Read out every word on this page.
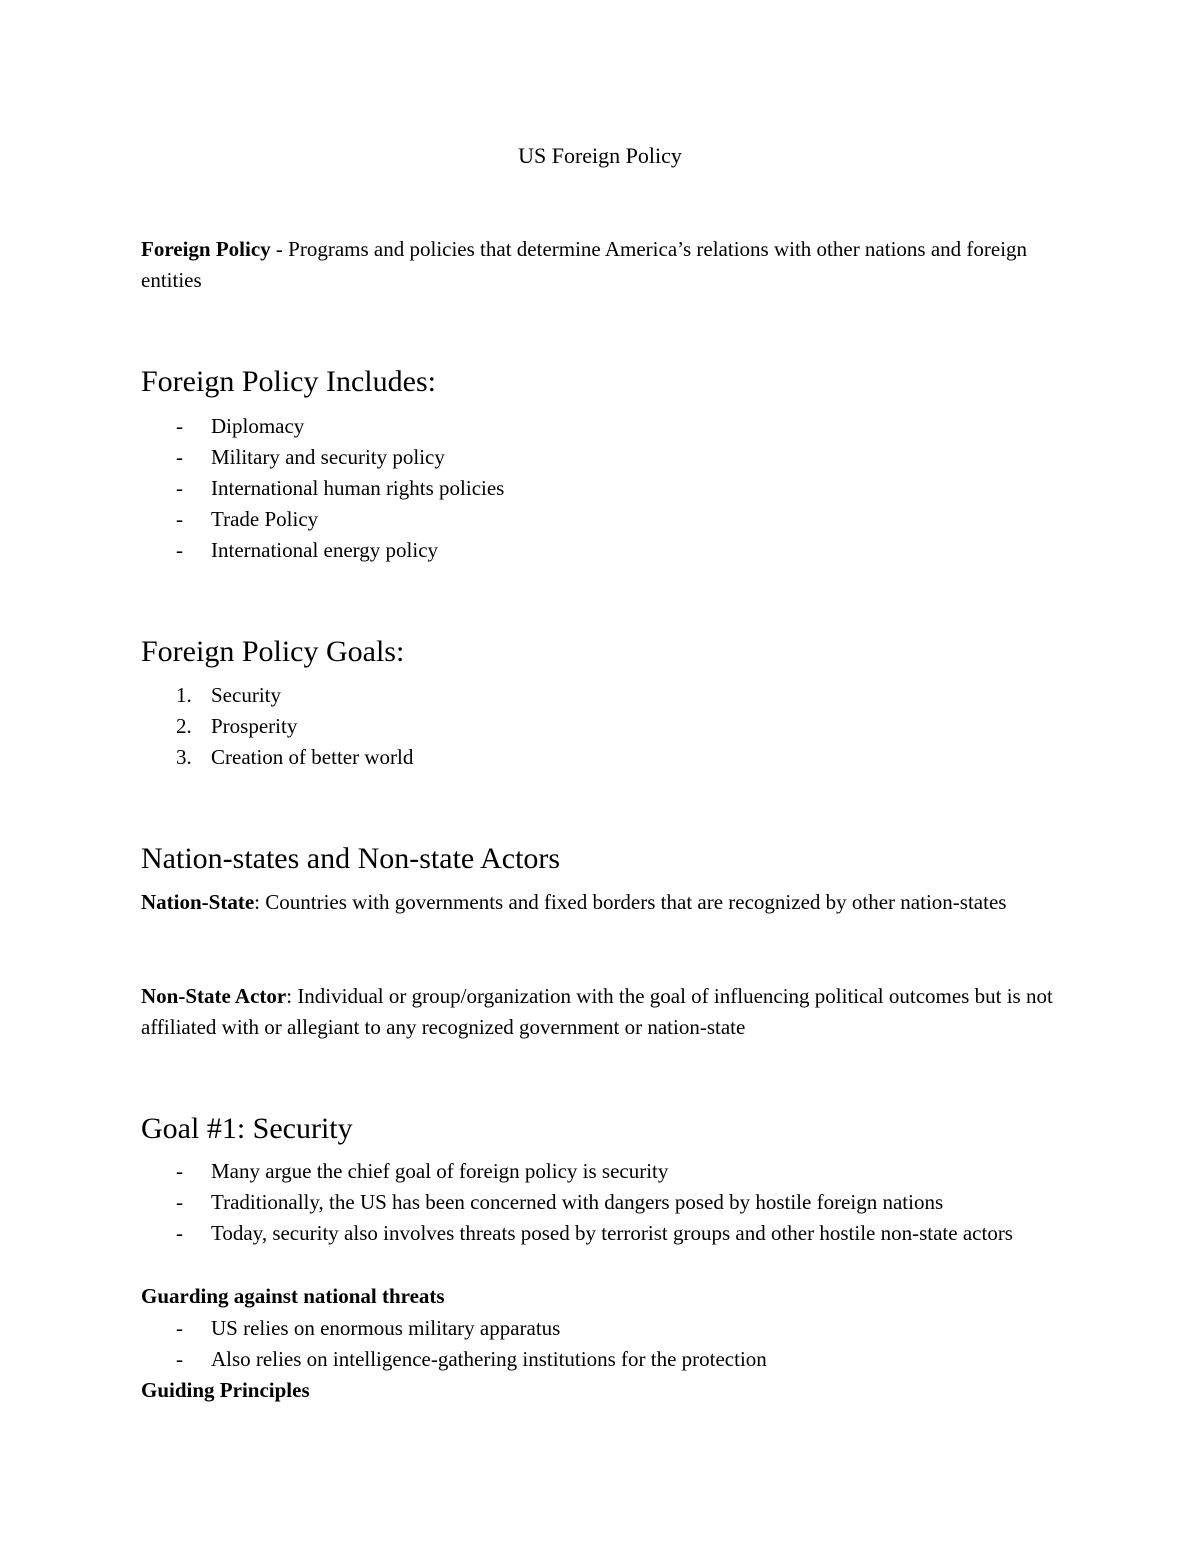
US Foreign Policy

Foreign Policy - Programs and policies that determine America’s relations with other nations and foreign entities

Foreign Policy Includes:
- Diplomacy
- Military and security policy
- International human rights policies
- Trade Policy
- International energy policy
Foreign Policy Goals:
1. Security
2. Prosperity
3. Creation of better world
Nation-states and Non-state Actors

Nation-State: Countries with governments and fixed borders that are recognized by other nation-states

Non-State Actor: Individual or group/organization with the goal of influencing political outcomes but is not affiliated with or allegiant to any recognized government or nation-state

Goal #1: Security
- Many argue the chief goal of foreign policy is security
- Traditionally, the US has been concerned with dangers posed by hostile foreign nations
- Today, security also involves threats posed by terrorist groups and other hostile non-state actors

Guarding against national threats

- US relies on enormous military apparatus
- Also relies on intelligence-gathering institutions for the protection

Guiding Principles
